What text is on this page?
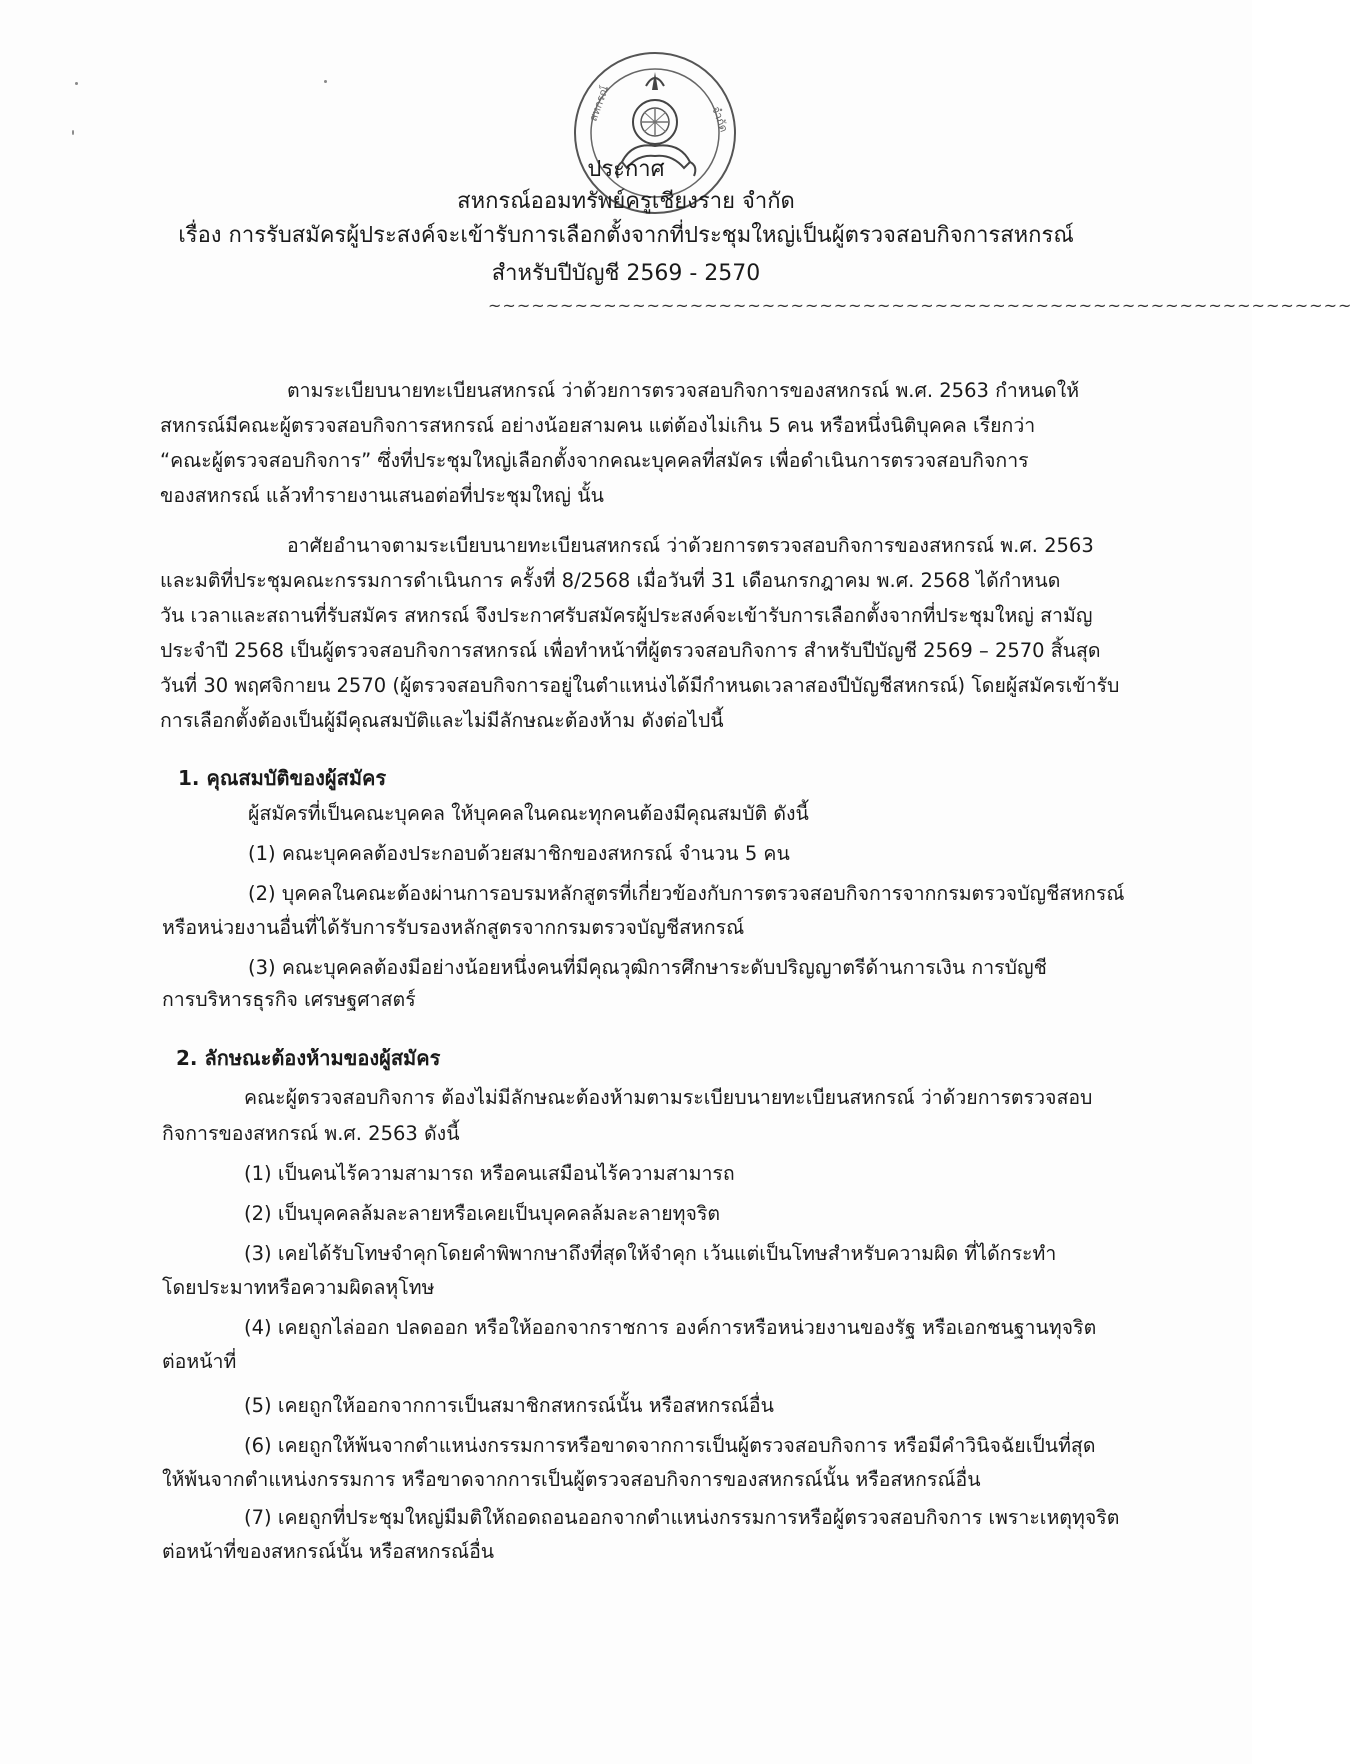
สหกรณ์	จำกัด
ประกาศ
สหกรณ์ออมทรัพย์ครูเชียงราย จำกัด
เรื่อง การรับสมัครผู้ประสงค์จะเข้ารับการเลือกตั้งจากที่ประชุมใหญ่เป็นผู้ตรวจสอบกิจการสหกรณ์
สำหรับปีบัญชี 2569 - 2570
~~~~~~~~~~~~~~~~~~~~~~~~~~~~~~~~~~~~~~~~~~~~~~~~~~~~~~~~~~~~
ตามระเบียบนายทะเบียนสหกรณ์ ว่าด้วยการตรวจสอบกิจการของสหกรณ์ พ.ศ. 2563 กำหนดให้
สหกรณ์มีคณะผู้ตรวจสอบกิจการสหกรณ์ อย่างน้อยสามคน แต่ต้องไม่เกิน 5 คน หรือหนึ่งนิติบุคคล เรียกว่า
“คณะผู้ตรวจสอบกิจการ” ซึ่งที่ประชุมใหญ่เลือกตั้งจากคณะบุคคลที่สมัคร เพื่อดำเนินการตรวจสอบกิจการ
ของสหกรณ์ แล้วทำรายงานเสนอต่อที่ประชุมใหญ่ นั้น
อาศัยอำนาจตามระเบียบนายทะเบียนสหกรณ์ ว่าด้วยการตรวจสอบกิจการของสหกรณ์ พ.ศ. 2563
และมติที่ประชุมคณะกรรมการดำเนินการ ครั้งที่ 8/2568 เมื่อวันที่ 31 เดือนกรกฎาคม พ.ศ. 2568 ได้กำหนด
วัน เวลาและสถานที่รับสมัคร สหกรณ์ จึงประกาศรับสมัครผู้ประสงค์จะเข้ารับการเลือกตั้งจากที่ประชุมใหญ่ สามัญ
ประจำปี 2568 เป็นผู้ตรวจสอบกิจการสหกรณ์ เพื่อทำหน้าที่ผู้ตรวจสอบกิจการ สำหรับปีบัญชี 2569 – 2570 สิ้นสุด
วันที่ 30 พฤศจิกายน 2570 (ผู้ตรวจสอบกิจการอยู่ในตำแหน่งได้มีกำหนดเวลาสองปีบัญชีสหกรณ์) โดยผู้สมัครเข้ารับ
การเลือกตั้งต้องเป็นผู้มีคุณสมบัติและไม่มีลักษณะต้องห้าม ดังต่อไปนี้
1. คุณสมบัติของผู้สมัคร
ผู้สมัครที่เป็นคณะบุคคล ให้บุคคลในคณะทุกคนต้องมีคุณสมบัติ ดังนี้
(1) คณะบุคคลต้องประกอบด้วยสมาชิกของสหกรณ์ จำนวน 5 คน
(2) บุคคลในคณะต้องผ่านการอบรมหลักสูตรที่เกี่ยวข้องกับการตรวจสอบกิจการจากกรมตรวจบัญชีสหกรณ์
หรือหน่วยงานอื่นที่ได้รับการรับรองหลักสูตรจากกรมตรวจบัญชีสหกรณ์
(3) คณะบุคคลต้องมีอย่างน้อยหนึ่งคนที่มีคุณวุฒิการศึกษาระดับปริญญาตรีด้านการเงิน การบัญชี
การบริหารธุรกิจ เศรษฐศาสตร์
2. ลักษณะต้องห้ามของผู้สมัคร
คณะผู้ตรวจสอบกิจการ ต้องไม่มีลักษณะต้องห้ามตามระเบียบนายทะเบียนสหกรณ์ ว่าด้วยการตรวจสอบ
กิจการของสหกรณ์ พ.ศ. 2563 ดังนี้
(1) เป็นคนไร้ความสามารถ หรือคนเสมือนไร้ความสามารถ
(2) เป็นบุคคลล้มละลายหรือเคยเป็นบุคคลล้มละลายทุจริต
(3) เคยได้รับโทษจำคุกโดยคำพิพากษาถึงที่สุดให้จำคุก เว้นแต่เป็นโทษสำหรับความผิด ที่ได้กระทำ
โดยประมาทหรือความผิดลหุโทษ
(4) เคยถูกไล่ออก ปลดออก หรือให้ออกจากราชการ องค์การหรือหน่วยงานของรัฐ หรือเอกชนฐานทุจริต
ต่อหน้าที่
(5) เคยถูกให้ออกจากการเป็นสมาชิกสหกรณ์นั้น หรือสหกรณ์อื่น
(6) เคยถูกให้พ้นจากตำแหน่งกรรมการหรือขาดจากการเป็นผู้ตรวจสอบกิจการ หรือมีคำวินิจฉัยเป็นที่สุด
ให้พ้นจากตำแหน่งกรรมการ หรือขาดจากการเป็นผู้ตรวจสอบกิจการของสหกรณ์นั้น หรือสหกรณ์อื่น
(7) เคยถูกที่ประชุมใหญ่มีมติให้ถอดถอนออกจากตำแหน่งกรรมการหรือผู้ตรวจสอบกิจการ เพราะเหตุทุจริต
ต่อหน้าที่ของสหกรณ์นั้น หรือสหกรณ์อื่น
